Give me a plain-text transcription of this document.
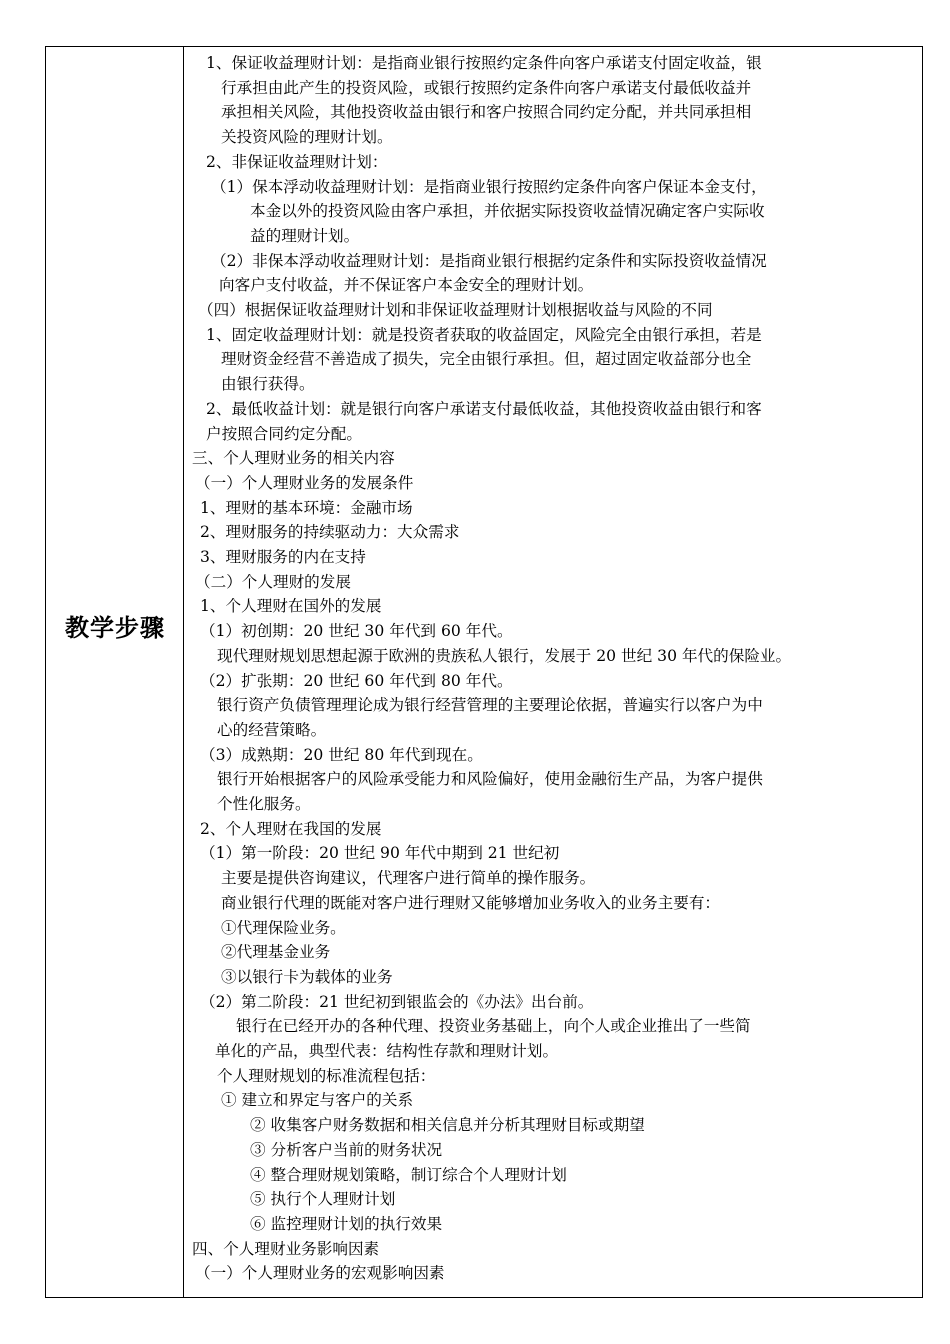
教学步骤
1、保证收益理财计划：是指商业银行按照约定条件向客户承诺支付固定收益，银
行承担由此产生的投资风险，或银行按照约定条件向客户承诺支付最低收益并
承担相关风险，其他投资收益由银行和客户按照合同约定分配，并共同承担相
关投资风险的理财计划。
2、非保证收益理财计划：
（1）保本浮动收益理财计划：是指商业银行按照约定条件向客户保证本金支付，
本金以外的投资风险由客户承担，并依据实际投资收益情况确定客户实际收
益的理财计划。
（2）非保本浮动收益理财计划：是指商业银行根据约定条件和实际投资收益情况
向客户支付收益，并不保证客户本金安全的理财计划。
（四）根据保证收益理财计划和非保证收益理财计划根据收益与风险的不同
1、固定收益理财计划：就是投资者获取的收益固定，风险完全由银行承担，若是
理财资金经营不善造成了损失，完全由银行承担。但，超过固定收益部分也全
由银行获得。
2、最低收益计划：就是银行向客户承诺支付最低收益，其他投资收益由银行和客
户按照合同约定分配。
三、个人理财业务的相关内容
（一）个人理财业务的发展条件
1、理财的基本环境：金融市场
2、理财服务的持续驱动力：大众需求
3、理财服务的内在支持
（二）个人理财的发展
1、个人理财在国外的发展
（1）初创期：20 世纪 30 年代到 60 年代。
现代理财规划思想起源于欧洲的贵族私人银行，发展于 20 世纪 30 年代的保险业。
（2）扩张期：20 世纪 60 年代到 80 年代。
银行资产负债管理理论成为银行经营管理的主要理论依据，普遍实行以客户为中
心的经营策略。
（3）成熟期：20 世纪 80 年代到现在。
银行开始根据客户的风险承受能力和风险偏好，使用金融衍生产品，为客户提供
个性化服务。
2、个人理财在我国的发展
（1）第一阶段：20 世纪 90 年代中期到 21 世纪初
主要是提供咨询建议，代理客户进行简单的操作服务。
商业银行代理的既能对客户进行理财又能够增加业务收入的业务主要有：
①代理保险业务。
②代理基金业务
③以银行卡为载体的业务
（2）第二阶段：21 世纪初到银监会的《办法》出台前。
银行在已经开办的各种代理、投资业务基础上，向个人或企业推出了一些简
单化的产品，典型代表：结构性存款和理财计划。
个人理财规划的标准流程包括：
① 建立和界定与客户的关系
② 收集客户财务数据和相关信息并分析其理财目标或期望
③ 分析客户当前的财务状况
④ 整合理财规划策略，制订综合个人理财计划
⑤ 执行个人理财计划
⑥ 监控理财计划的执行效果
四、个人理财业务影响因素
（一）个人理财业务的宏观影响因素
